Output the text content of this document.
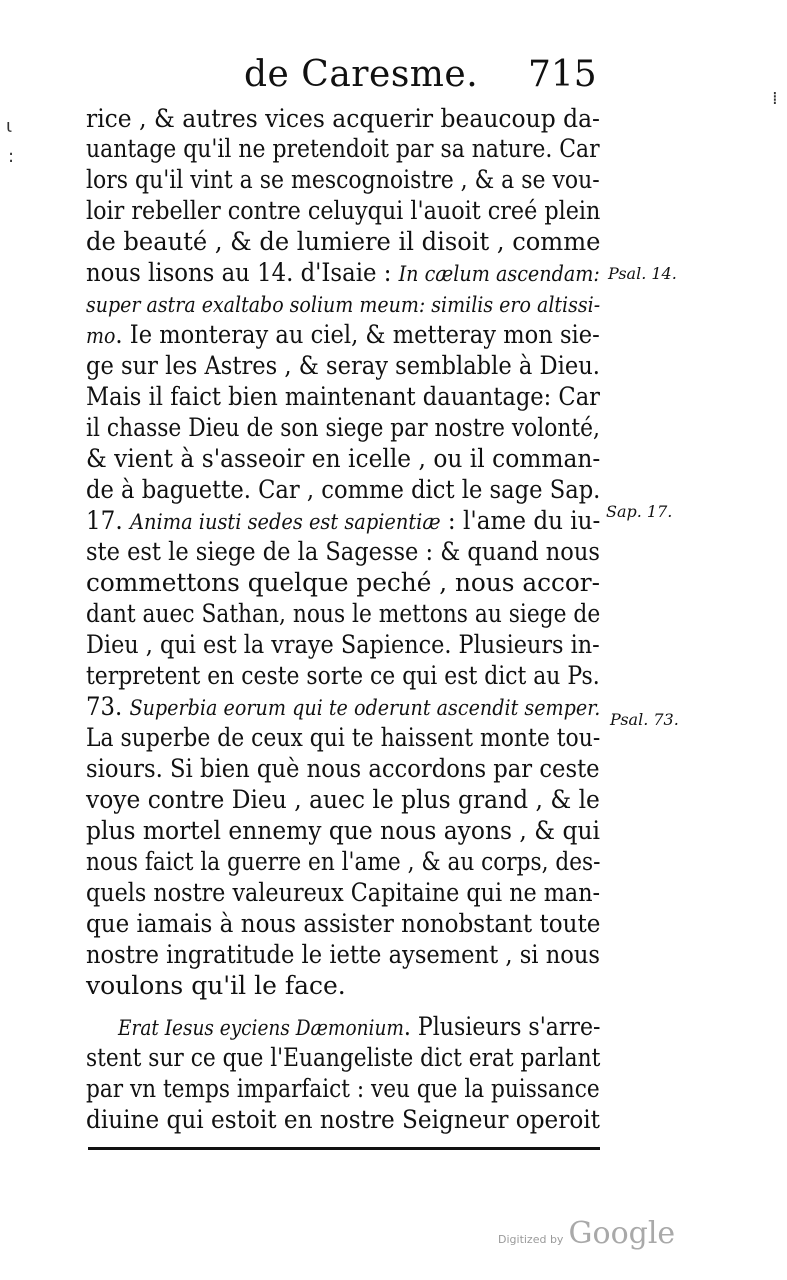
de Caresme. 715
ι
:
⁞
rice , & autres vices acquerir beaucoup da-
uantage qu'il ne pretendoit par sa nature. Car
lors qu'il vint a se mescognoistre , & a se vou-
loir rebeller contre celuyqui l'auoit creé plein
de beauté , & de lumiere il disoit , comme
nous lisons au 14. d'Isaie : In cælum ascendam:
super astra exaltabo solium meum: similis ero altissi-
mo. Ie monteray au ciel, & metteray mon sie-
ge sur les Astres , & seray semblable à Dieu.
Mais il faict bien maintenant dauantage: Car
il chasse Dieu de son siege par nostre volonté,
& vient à s'asseoir en icelle , ou il comman-
de à baguette. Car , comme dict le sage Sap.
17. Anima iusti sedes est sapientiæ : l'ame du iu-
ste est le siege de la Sagesse : & quand nous
commettons quelque peché , nous accor-
dant auec Sathan, nous le mettons au siege de
Dieu , qui est la vraye Sapience. Plusieurs in-
terpretent en ceste sorte ce qui est dict au Ps.
73. Superbia eorum qui te oderunt ascendit semper.
La superbe de ceux qui te haissent monte tou-
siours. Si bien què nous accordons par ceste
voye contre Dieu , auec le plus grand , & le
plus mortel ennemy que nous ayons , & qui
nous faict la guerre en l'ame , & au corps, des-
quels nostre valeureux Capitaine qui ne man-
que iamais à nous assister nonobstant toute
nostre ingratitude le iette aysement , si nous
voulons qu'il le face.
Erat Iesus eyciens Dæmonium. Plusieurs s'arre-
stent sur ce que l'Euangeliste dict erat parlant
par vn temps imparfaict : veu que la puissance
diuine qui estoit en nostre Seigneur operoit
Psal. 14.
Sap. 17.
Psal. 73.
Digitized by Google
